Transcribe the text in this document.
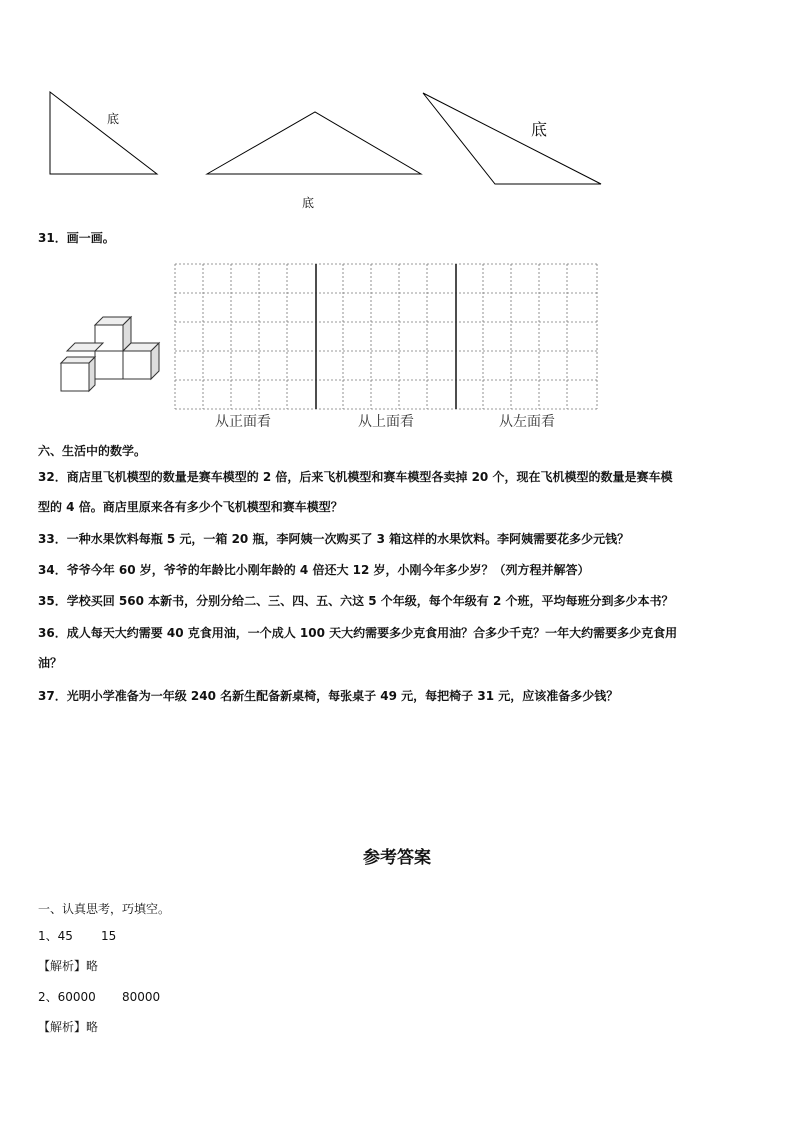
底
底
底
31．画一画。
从正面看	从上面看	从左面看
六、生活中的数学。
32．商店里飞机模型的数量是赛车模型的 2 倍，后来飞机模型和赛车模型各卖掉 20 个，现在飞机模型的数量是赛车模
型的 4 倍。商店里原来各有多少个飞机模型和赛车模型？
33．一种水果饮料每瓶 5 元，一箱 20 瓶，李阿姨一次购买了 3 箱这样的水果饮料。李阿姨需要花多少元钱？
34．爷爷今年 60 岁，爷爷的年龄比小刚年龄的 4 倍还大 12 岁，小刚今年多少岁？（列方程并解答）
35．学校买回 560 本新书，分别分给二、三、四、五、六这 5 个年级，每个年级有 2 个班，平均每班分到多少本书？
36．成人每天大约需要 40 克食用油，一个成人 100 天大约需要多少克食用油？合多少千克？一年大约需要多少克食用
油？
37．光明小学准备为一年级 240 名新生配备新桌椅，每张桌子 49 元，每把椅子 31 元，应该准备多少钱？
参考答案
一、认真思考，巧填空。
1、45 15
【解析】略
2、60000 80000
【解析】略
